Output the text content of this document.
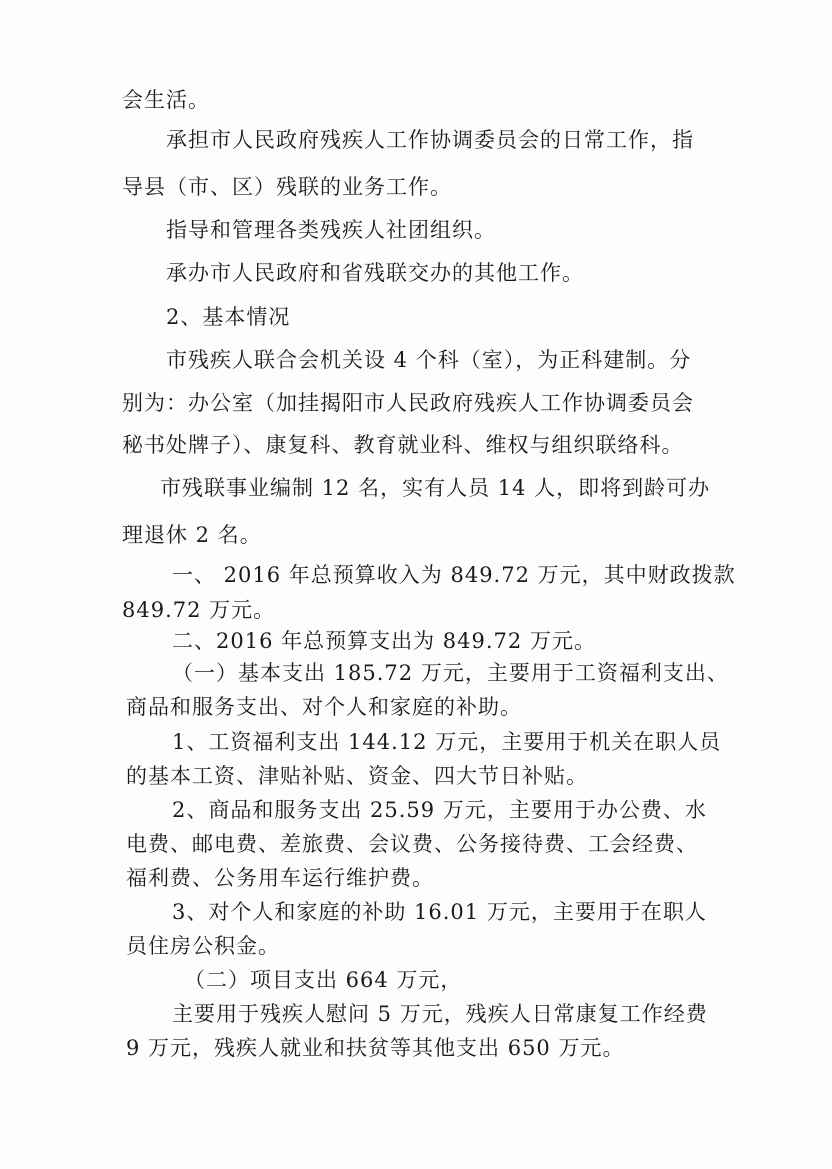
会生活。
承担市人民政府残疾人工作协调委员会的日常工作，指
导县（市、区）残联的业务工作。
指导和管理各类残疾人社团组织。
承办市人民政府和省残联交办的其他工作。
2、基本情况
市残疾人联合会机关设 4 个科（室），为正科建制。分
别为：办公室（加挂揭阳市人民政府残疾人工作协调委员会
秘书处牌子）、康复科、教育就业科、维权与组织联络科。
市残联事业编制 12 名，实有人员 14 人，即将到龄可办
理退休 2 名。
一、 2016 年总预算收入为 849.72 万元，其中财政拨款
849.72 万元。
二、2016 年总预算支出为 849.72 万元。
（一）基本支出 185.72 万元，主要用于工资福利支出、
商品和服务支出、对个人和家庭的补助。
1、工资福利支出 144.12 万元，主要用于机关在职人员
的基本工资、津贴补贴、资金、四大节日补贴。
2、商品和服务支出 25.59 万元，主要用于办公费、水
电费、邮电费、差旅费、会议费、公务接待费、工会经费、
福利费、公务用车运行维护费。
3、对个人和家庭的补助 16.01 万元，主要用于在职人
员住房公积金。
（二）项目支出 664 万元，
主要用于残疾人慰问 5 万元，残疾人日常康复工作经费
9 万元，残疾人就业和扶贫等其他支出 650 万元。
